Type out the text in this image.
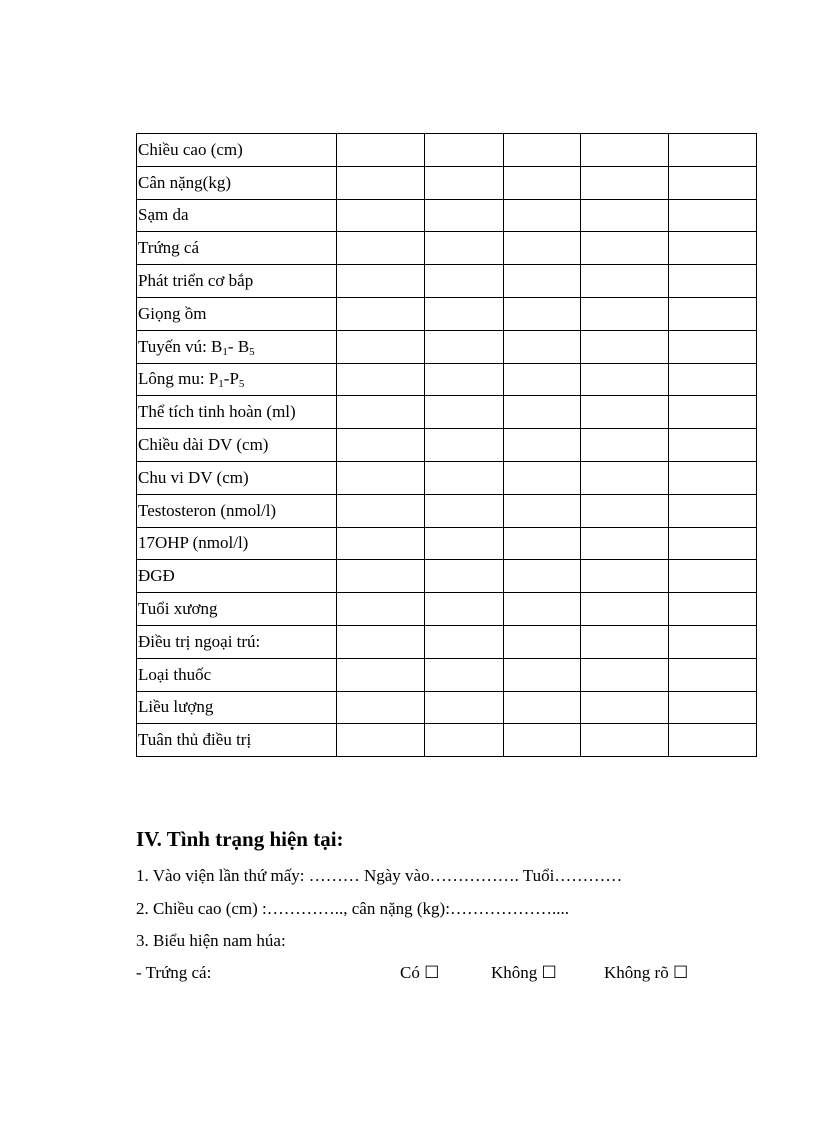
Chiều cao (cm)					
Cân nặng(kg)					
Sạm da					
Trứng cá					
Phát triển cơ bắp					
Giọng ồm					
Tuyến vú: $B_1-$ $B_5$					
Lông mu: $P_1-P_5$					
Thể tích tinh hoàn (ml)					
Chiều dài DV (cm)					
Chu vi DV (cm)					
Testosteron (nmol/l)					
17OHP (nmol/l)					
ĐGĐ					
Tuổi xương					
Điều trị ngoại trú:					
Loại thuốc					
Liều lượng					
Tuân thủ điều trị					
IV. Tình trạng hiện tại:
1. Vào viện lần thứ mấy: ……… Ngày vào……………. Tuổi…………
2. Chiều cao (cm) :………….., cân nặng (kg):………………....
3. Biểu hiện nam húa:
- Trứng cá:	Có ☐	Không ☐	Không rõ ☐
